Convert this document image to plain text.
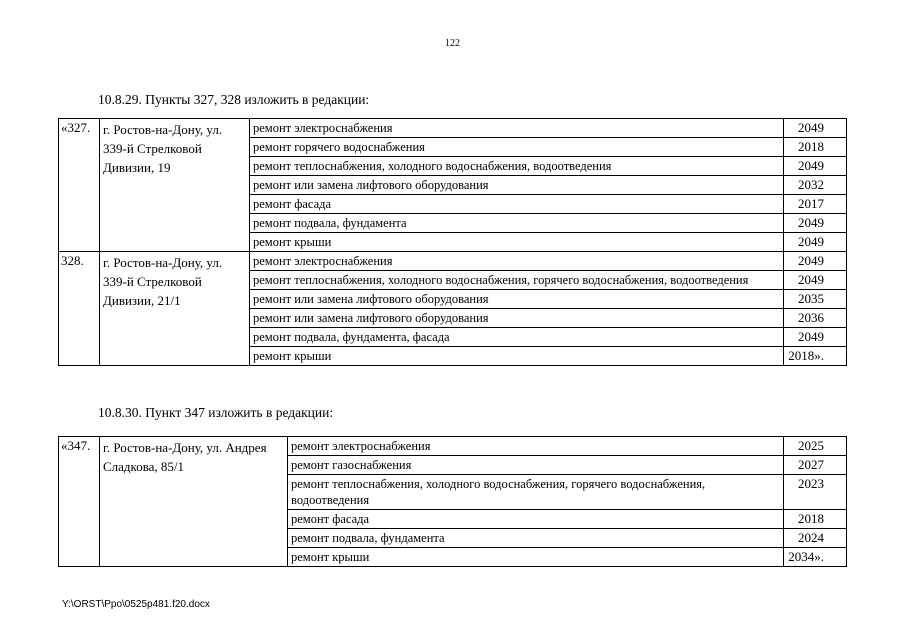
122
10.8.29. Пункты 327, 328 изложить в редакции:
«327.	г. Ростов-на-Дону, ул. 339-й Стрелковой Дивизии, 19	ремонт электроснабжения	2049
		ремонт горячего водоснабжения	2018
		ремонт теплоснабжения, холодного водоснабжения, водоотведения	2049
		ремонт или замена лифтового оборудования	2032
		ремонт фасада	2017
		ремонт подвала, фундамента	2049
		ремонт крыши	2049
328.	г. Ростов-на-Дону, ул. 339-й Стрелковой Дивизии, 21/1	ремонт электроснабжения	2049
		ремонт теплоснабжения, холодного водоснабжения, горячего водоснабжения, водоотведения	2049
		ремонт или замена лифтового оборудования	2035
		ремонт или замена лифтового оборудования	2036
		ремонт подвала, фундамента, фасада	2049
		ремонт крыши	2018».
10.8.30. Пункт 347 изложить в редакции:
«347.	г. Ростов-на-Дону, ул. Андрея Сладкова, 85/1	ремонт электроснабжения	2025
		ремонт газоснабжения	2027
		ремонт теплоснабжения, холодного водоснабжения, горячего водоснабжения, водоотведения	2023
		ремонт фасада	2018
		ремонт подвала, фундамента	2024
		ремонт крыши	2034».
Y:\ORST\Ppo\0525p481.f20.docx
